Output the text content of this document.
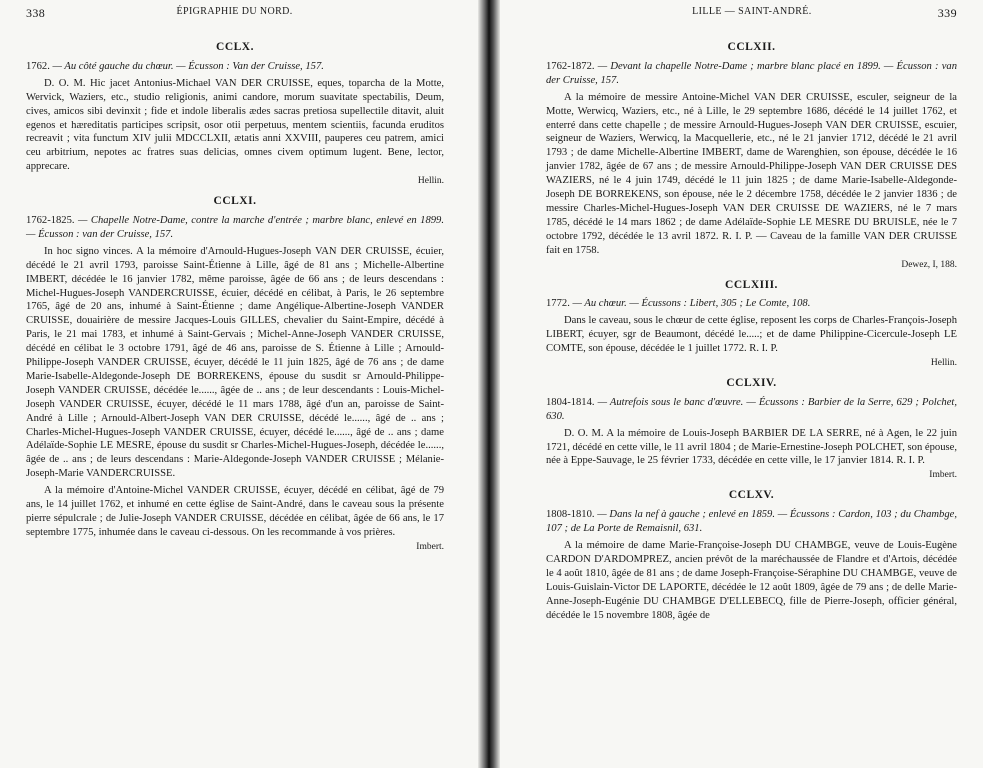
338	ÉPIGRAPHIE DU NORD.
CCLX.
1762. — Au côté gauche du chœur. — Écusson : Van der Cruisse, 157.
D. O. M. Hic jacet Antonius-Michael VAN DER CRUISSE, eques, toparcha de la Motte, Wervick, Waziers, etc., studio religionis, animi candore, morum suavitate spectabilis, Deum, cives, amicos sibi devinxit ; fide et indole liberalis ædes sacras pretiosa supellectile ditavit, aluit egenos et hæreditatis participes scripsit, osor otii perpetuus, mentem scientiis, facunda eruditos recreavit ; vita functum XIV julii MDCCLXII, ætatis anni XXVIII, pauperes ceu patrem, amici ceu arbitrium, nepotes ac fratres suas delicias, omnes civem optimum lugent. Bene, lector, apprecare.
Hellin.
CCLXI.
1762-1825. — Chapelle Notre-Dame, contre la marche d'entrée ; marbre blanc, enlevé en 1899. — Écusson : van der Cruisse, 157.
In hoc signo vinces. A la mémoire d'Arnould-Hugues-Joseph VAN DER CRUISSE, écuier, décédé le 21 avril 1793, paroisse Saint-Étienne à Lille, âgé de 81 ans ; Michelle-Albertine IMBERT, décédée le 16 janvier 1782, même paroisse, âgée de 66 ans ; de leurs descendans : Michel-Hugues-Joseph VANDERCRUISSE, écuier, décédé en célibat, à Paris, le 26 septembre 1765, âgé de 20 ans, inhumé à Saint-Étienne ; dame Angélique-Albertine-Joseph VANDER CRUISSE, douairière de messire Jacques-Louis GILLES, chevalier du Saint-Empire, décédé à Paris, le 21 mai 1783, et inhumé à Saint-Gervais ; Michel-Anne-Joseph VANDER CRUISSE, décédé en célibat le 3 octobre 1791, âgé de 46 ans, paroisse de S. Étienne à Lille ; Arnould-Philippe-Joseph VANDER CRUISSE, écuyer, décédé le 11 juin 1825, âgé de 76 ans ; de dame Marie-Isabelle-Aldegonde-Joseph DE BORREKENS, épouse du susdit sr Arnould-Philippe-Joseph VANDER CRUISSE, décédée le......, âgée de .. ans ; de leur descendants : Louis-Michel-Joseph VANDER CRUISSE, écuyer, décédé le 11 mars 1788, âgé d'un an, paroisse de Saint-André à Lille ; Arnould-Albert-Joseph VAN DER CRUISSE, décédé le......, âgé de .. ans ; Charles-Michel-Hugues-Joseph VANDER CRUISSE, écuyer, décédé le......, âgé de .. ans ; dame Adélaïde-Sophie LE MESRE, épouse du susdit sr Charles-Michel-Hugues-Joseph, décédée le......, âgée de .. ans ; de leurs descendans : Marie-Aldegonde-Joseph VANDER CRUISSE ; Mélanie-Joseph-Marie VANDERCRUISSE.
A la mémoire d'Antoine-Michel VANDER CRUISSE, écuyer, décédé en célibat, âgé de 79 ans, le 14 juillet 1762, et inhumé en cette église de Saint-André, dans le caveau sous la présente pierre sépulcrale ; de Julie-Joseph VANDER CRUISSE, décédée en célibat, âgée de 66 ans, le 17 septembre 1775, inhumée dans le caveau ci-dessous. On les recommande à vos prières.
Imbert.
LILLE — SAINT-ANDRÉ.	339
CCLXII.
1762-1872. — Devant la chapelle Notre-Dame ; marbre blanc placé en 1899. — Écusson : van der Cruisse, 157.
A la mémoire de messire Antoine-Michel VAN DER CRUISSE, esculer, seigneur de la Motte, Werwicq, Waziers, etc., né à Lille, le 29 septembre 1686, décédé le 14 juillet 1762, et enterré dans cette chapelle ; de messire Arnould-Hugues-Joseph VAN DER CRUISSE, escuier, seigneur de Waziers, Werwicq, la Macquellerie, etc., né le 21 janvier 1712, décédé le 21 avril 1793 ; de dame Michelle-Albertine IMBERT, dame de Warenghien, son épouse, décédée le 16 janvier 1782, âgée de 67 ans ; de messire Arnould-Philippe-Joseph VAN DER CRUISSE DES WAZIERS, né le 4 juin 1749, décédé le 11 juin 1825 ; de dame Marie-Isabelle-Aldegonde-Joseph DE BORREKENS, son épouse, née le 2 décembre 1758, décédée le 2 janvier 1836 ; de messire Charles-Michel-Hugues-Joseph VAN DER CRUISSE DE WAZIERS, né le 7 mars 1785, décédé le 14 mars 1862 ; de dame Adélaïde-Sophie LE MESRE DU BRUISLE, née le 7 octobre 1792, décédée le 13 avril 1872. R. I. P. — Caveau de la famille VAN DER CRUISSE fait en 1758.
Dewez, I, 188.
CCLXIII.
1772. — Au chœur. — Écussons : Libert, 305 ; Le Comte, 108.
Dans le caveau, sous le chœur de cette église, reposent les corps de Charles-François-Joseph LIBERT, écuyer, sgr de Beaumont, décédé le.....; et de dame Philippine-Cicercule-Joseph LE COMTE, son épouse, décédée le 1 juillet 1772. R. I. P.
Hellin.
CCLXIV.
1804-1814. — Autrefois sous le banc d'œuvre. — Écussons : Barbier de la Serre, 629 ; Polchet, 630.
D. O. M. A la mémoire de Louis-Joseph BARBIER DE LA SERRE, né à Agen, le 22 juin 1721, décédé en cette ville, le 11 avril 1804 ; de Marie-Ernestine-Joseph POLCHET, son épouse, née à Eppe-Sauvage, le 25 février 1733, décédée en cette ville, le 17 janvier 1814. R. I. P.
Imbert.
CCLXV.
1808-1810. — Dans la nef à gauche ; enlevé en 1859. — Écussons : Cardon, 103 ; du Chambge, 107 ; de La Porte de Remaisnil, 631.
A la mémoire de dame Marie-Françoise-Joseph DU CHAMBGE, veuve de Louis-Eugène CARDON D'ARDOMPREZ, ancien prévôt de la maréchaussée de Flandre et d'Artois, décédée le 4 août 1810, âgée de 81 ans ; de dame Joseph-Françoise-Séraphine DU CHAMBGE, veuve de Louis-Guislain-Victor DE LAPORTE, décédée le 12 août 1809, âgée de 79 ans ; de delle Marie-Anne-Joseph-Eugénie DU CHAMBGE D'ELLEBECQ, fille de Pierre-Joseph, officier général, décédée le 15 novembre 1808, âgée de
